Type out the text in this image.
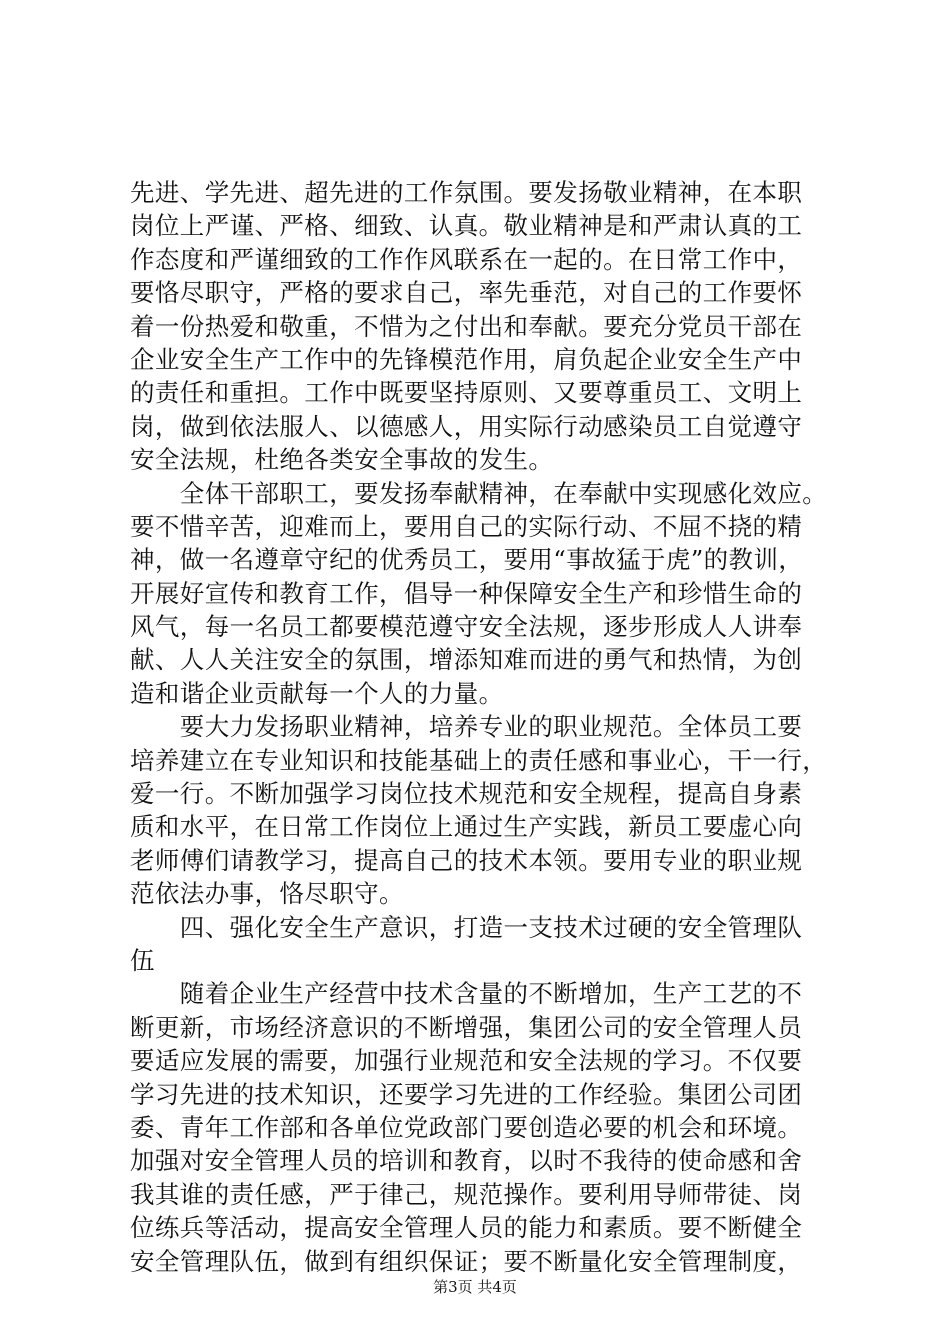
先进、学先进、超先进的工作氛围。要发扬敬业精神，在本职
岗位上严谨、严格、细致、认真。敬业精神是和严肃认真的工
作态度和严谨细致的工作作风联系在一起的。在日常工作中，
要恪尽职守，严格的要求自己，率先垂范，对自己的工作要怀
着一份热爱和敬重，不惜为之付出和奉献。要充分党员干部在
企业安全生产工作中的先锋模范作用，肩负起企业安全生产中
的责任和重担。工作中既要坚持原则、又要尊重员工、文明上
岗，做到依法服人、以德感人，用实际行动感染员工自觉遵守
安全法规，杜绝各类安全事故的发生。
　　全体干部职工，要发扬奉献精神，在奉献中实现感化效应。
要不惜辛苦，迎难而上，要用自己的实际行动、不屈不挠的精
神，做一名遵章守纪的优秀员工，要用“事故猛于虎”的教训，
开展好宣传和教育工作，倡导一种保障安全生产和珍惜生命的
风气，每一名员工都要模范遵守安全法规，逐步形成人人讲奉
献、人人关注安全的氛围，增添知难而进的勇气和热情，为创
造和谐企业贡献每一个人的力量。
　　要大力发扬职业精神，培养专业的职业规范。全体员工要
培养建立在专业知识和技能基础上的责任感和事业心，干一行，
爱一行。不断加强学习岗位技术规范和安全规程，提高自身素
质和水平，在日常工作岗位上通过生产实践，新员工要虚心向
老师傅们请教学习，提高自己的技术本领。要用专业的职业规
范依法办事，恪尽职守。
　　四、强化安全生产意识，打造一支技术过硬的安全管理队
伍
　　随着企业生产经营中技术含量的不断增加，生产工艺的不
断更新，市场经济意识的不断增强，集团公司的安全管理人员
要适应发展的需要，加强行业规范和安全法规的学习。不仅要
学习先进的技术知识，还要学习先进的工作经验。集团公司团
委、青年工作部和各单位党政部门要创造必要的机会和环境。
加强对安全管理人员的培训和教育，以时不我待的使命感和舍
我其谁的责任感，严于律己，规范操作。要利用导师带徒、岗
位练兵等活动，提高安全管理人员的能力和素质。要不断健全
安全管理队伍，做到有组织保证；要不断量化安全管理制度，
第3页 共4页
